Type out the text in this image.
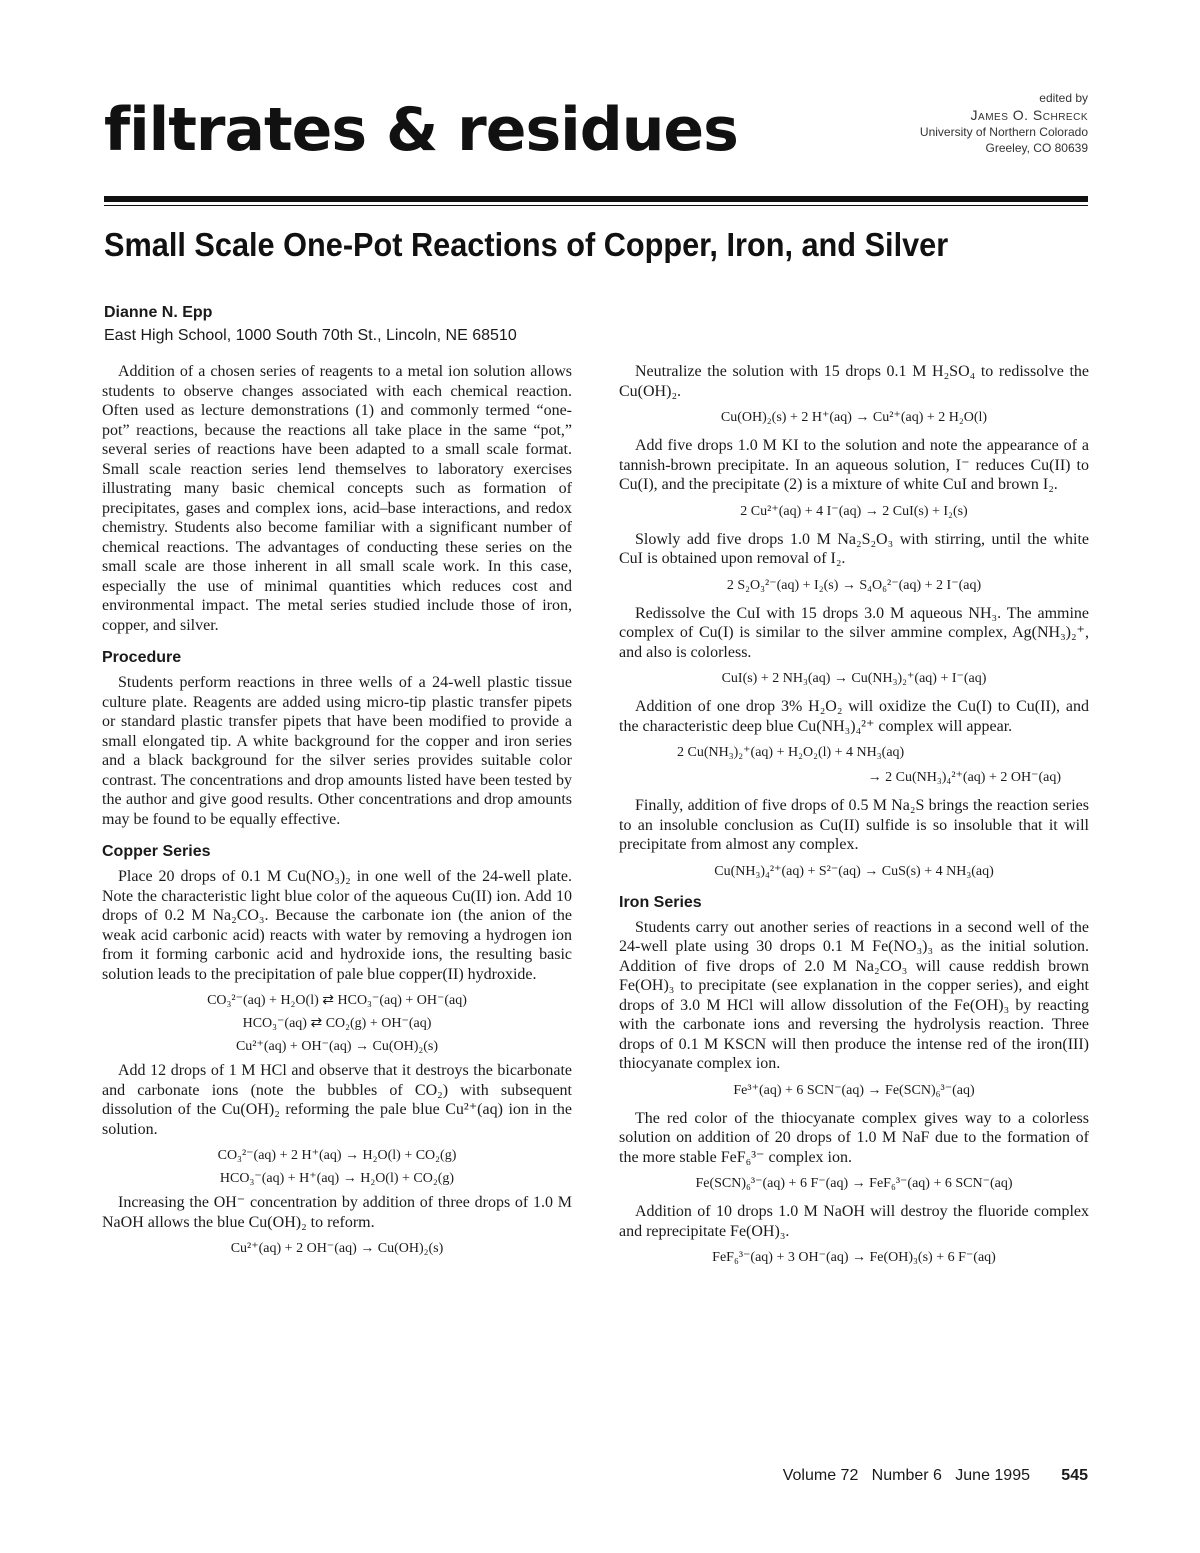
filtrates & residues	edited by
James O. Schreck
University of Northern Colorado
Greeley, CO 80639
Small Scale One-Pot Reactions of Copper, Iron, and Silver
Dianne N. Epp
East High School, 1000 South 70th St., Lincoln, NE 68510

Addition of a chosen series of reagents to a metal ion solution allows students to observe changes associated with each chemical reaction. Often used as lecture demonstrations (1) and commonly termed “one-pot” reactions, because the reactions all take place in the same “pot,” several series of reactions have been adapted to a small scale format. Small scale reaction series lend themselves to laboratory exercises illustrating many basic chemical concepts such as formation of precipitates, gases and complex ions, acid–base interactions, and redox chemistry. Students also become familiar with a significant number of chemical reactions. The advantages of conducting these series on the small scale are those inherent in all small scale work. In this case, especially the use of minimal quantities which reduces cost and environmental impact. The metal series studied include those of iron, copper, and silver.

Procedure

Students perform reactions in three wells of a 24-well plastic tissue culture plate. Reagents are added using micro-tip plastic transfer pipets or standard plastic transfer pipets that have been modified to provide a small elongated tip. A white background for the copper and iron series and a black background for the silver series provides suitable color contrast. The concentrations and drop amounts listed have been tested by the author and give good results. Other concentrations and drop amounts may be found to be equally effective.

Copper Series

Place 20 drops of 0.1 M Cu(NO₃)₂ in one well of the 24-well plate. Note the characteristic light blue color of the aqueous Cu(II) ion. Add 10 drops of 0.2 M Na₂CO₃. Because the carbonate ion (the anion of the weak acid carbonic acid) reacts with water by removing a hydrogen ion from it forming carbonic acid and hydroxide ions, the resulting basic solution leads to the precipitation of pale blue copper(II) hydroxide.

CO₃²⁻(aq) + H₂O(l) ⇄ HCO₃⁻(aq) + OH⁻(aq)
HCO₃⁻(aq) ⇄ CO₂(g) + OH⁻(aq)
Cu²⁺(aq) + OH⁻(aq) → Cu(OH)₂(s)

Add 12 drops of 1 M HCl and observe that it destroys the bicarbonate and carbonate ions (note the bubbles of CO₂) with subsequent dissolution of the Cu(OH)₂ reforming the pale blue Cu²⁺(aq) ion in the solution.

CO₃²⁻(aq) + 2 H⁺(aq) → H₂O(l) + CO₂(g)
HCO₃⁻(aq) + H⁺(aq) → H₂O(l) + CO₂(g)

Increasing the OH⁻ concentration by addition of three drops of 1.0 M NaOH allows the blue Cu(OH)₂ to reform.

Cu²⁺(aq) + 2 OH⁻(aq) → Cu(OH)₂(s)

Neutralize the solution with 15 drops 0.1 M H₂SO₄ to redissolve the Cu(OH)₂.

Cu(OH)₂(s) + 2 H⁺(aq) → Cu²⁺(aq) + 2 H₂O(l)

Add five drops 1.0 M KI to the solution and note the appearance of a tannish-brown precipitate. In an aqueous solution, I⁻ reduces Cu(II) to Cu(I), and the precipitate (2) is a mixture of white CuI and brown I₂.

2 Cu²⁺(aq) + 4 I⁻(aq) → 2 CuI(s) + I₂(s)

Slowly add five drops 1.0 M Na₂S₂O₃ with stirring, until the white CuI is obtained upon removal of I₂.

2 S₂O₃²⁻(aq) + I₂(s) → S₄O₆²⁻(aq) + 2 I⁻(aq)

Redissolve the CuI with 15 drops 3.0 M aqueous NH₃. The ammine complex of Cu(I) is similar to the silver ammine complex, Ag(NH₃)₂⁺, and also is colorless.

CuI(s) + 2 NH₃(aq) → Cu(NH₃)₂⁺(aq) + I⁻(aq)

Addition of one drop 3% H₂O₂ will oxidize the Cu(I) to Cu(II), and the characteristic deep blue Cu(NH₃)₄²⁺ complex will appear.

2 Cu(NH₃)₂⁺(aq) + H₂O₂(l) + 4 NH₃(aq)
→ 2 Cu(NH₃)₄²⁺(aq) + 2 OH⁻(aq)

Finally, addition of five drops of 0.5 M Na₂S brings the reaction series to an insoluble conclusion as Cu(II) sulfide is so insoluble that it will precipitate from almost any complex.

Cu(NH₃)₄²⁺(aq) + S²⁻(aq) → CuS(s) + 4 NH₃(aq)
Iron Series

Students carry out another series of reactions in a second well of the 24-well plate using 30 drops 0.1 M Fe(NO₃)₃ as the initial solution. Addition of five drops of 2.0 M Na₂CO₃ will cause reddish brown Fe(OH)₃ to precipitate (see explanation in the copper series), and eight drops of 3.0 M HCl will allow dissolution of the Fe(OH)₃ by reacting with the carbonate ions and reversing the hydrolysis reaction. Three drops of 0.1 M KSCN will then produce the intense red of the iron(III) thiocyanate complex ion.

Fe³⁺(aq) + 6 SCN⁻(aq) → Fe(SCN)₆³⁻(aq)

The red color of the thiocyanate complex gives way to a colorless solution on addition of 20 drops of 1.0 M NaF due to the formation of the more stable FeF₆³⁻ complex ion.

Fe(SCN)₆³⁻(aq) + 6 F⁻(aq) → FeF₆³⁻(aq) + 6 SCN⁻(aq)

Addition of 10 drops 1.0 M NaOH will destroy the fluoride complex and reprecipitate Fe(OH)₃.

FeF₆³⁻(aq) + 3 OH⁻(aq) → Fe(OH)₃(s) + 6 F⁻(aq)
Volume 72   Number 6   June 1995 545
